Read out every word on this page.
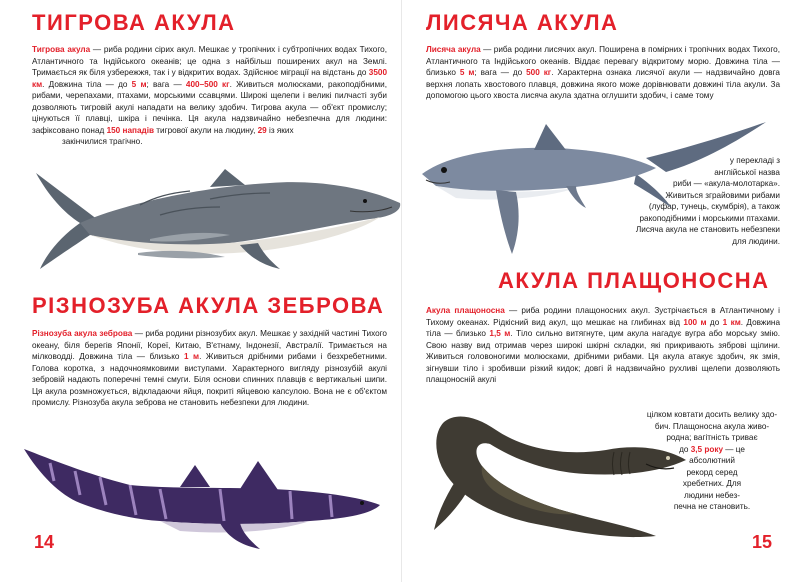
ТИГРОВА АКУЛА

Тигрова акула — риба родини сірих акул. Мешкає у тропічних і субтропічних водах Тихого, Атлантичного та Індійського океанів; це одна з найбільш поширених акул на Землі. Тримається як біля узбережжя, так і у відкритих водах. Здійснює міграції на відстань до 3500 км. Довжина тіла — до 5 м; вага — 400–500 кг. Живиться молюсками, ракоподібними, рибами, черепахами, птахами, морськими ссавцями. Широкі щелепи і великі пилчасті зуби дозволяють тигровій акулі нападати на велику здобич. Тигрова акула — об'єкт промислу; цінуються її плавці, шкіра і печінка. Ця акула надзвичайно небезпечна для людини: зафіксовано понад 150 нападів тигрової акули на людину, 29 із яких

закінчилися трагічно.

РІЗНОЗУБА АКУЛА ЗЕБРОВА

Різнозуба акула зеброва — риба родини різнозубих акул. Мешкає у західній частині Тихого океану, біля берегів Японії, Кореї, Китаю, В'єтнаму, Індонезії, Австралії. Тримається на мілководді. Довжина тіла — близько 1 м. Живиться дрібними рибами і безхребетними. Голова коротка, з надочноямковими виступами. Характерного вигляду різнозубій акулі зебровій надають поперечні темні смуги. Біля основи спинних плавців є вертикальні шипи. Ця акула розмножується, відкладаючи яйця, покриті яйцевою капсулою. Вона не є об'єктом промислу. Різнозуба акула зеброва не становить небезпеки для людини.

14
ЛИСЯЧА АКУЛА

Лисяча акула — риба родини лисячих акул. Поширена в помірних і тропічних водах Тихого, Атлантичного та Індійського океанів. Віддає перевагу відкритому морю. Довжина тіла — близько 5 м; вага — до 500 кг. Характерна ознака лисячої акули — надзвичайно довга верхня лопать хвостового плавця, довжина якого може дорівнювати довжині тіла акули. За допомогою цього хвоста лисяча акула здатна оглушити здобич, і саме тому

у перекладі з
англійської назва
риби — «акула-молотарка». Живиться зграйовими рибами (луфар, тунець, скумбрія), а також ракоподібними і морськими птахами. Лисяча акула не становить небезпеки для людини.
АКУЛА ПЛАЩОНОСНА

Акула плащоносна — риба родини плащоносних акул. Зустрічається в Атлантичному і Тихому океанах. Рідкісний вид акул, що мешкає на глибинах від 100 м до 1 км. Довжина тіла — близько 1,5 м. Тіло сильно витягнуте, цим акула нагадує вугра або морську змію. Свою назву вид отримав через широкі шкірні складки, які прикривають зяброві щілини. Живиться головоногими молюсками, дрібними рибами. Ця акула атакує здобич, як змія, зігнувши тіло і зробивши різкий кидок; довгі й надзвичайно рухливі щелепи дозволяють плащоносній акулі

цілком ковтати досить велику здо-
бич. Плащоносна акула живо-
родна; вагітність триває
до 3,5 року — це
абсолютний
рекорд серед
хребетних. Для
людини небез-
печна не становить.
15
